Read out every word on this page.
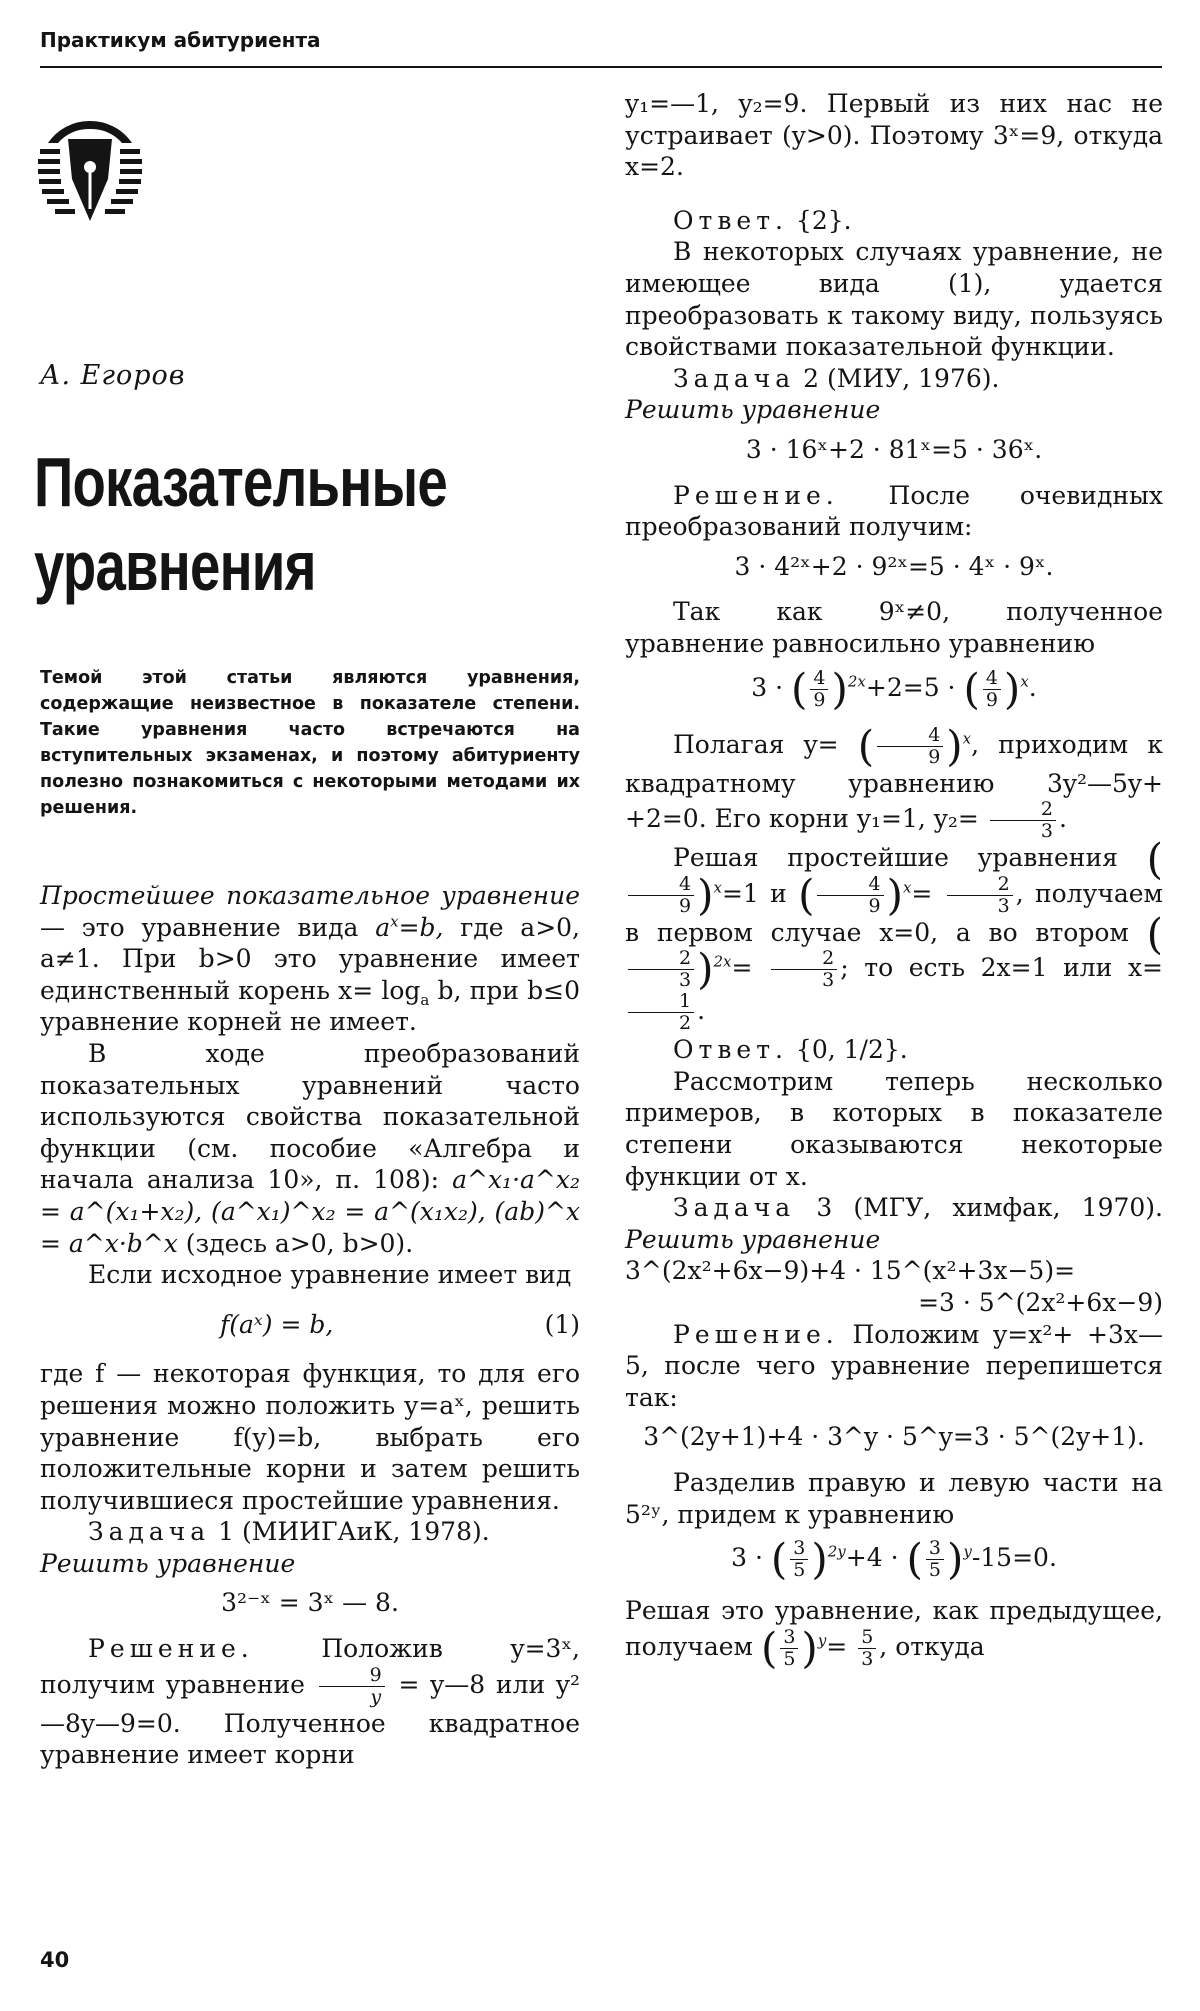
Практикум абитуриента
А. Егоров
Показательные
уравнения
Темой этой статьи являются уравнения, содержащие неизвестное в показателе степени. Такие уравнения часто встречаются на вступительных экзаменах, и поэтому абитуриенту полезно познакомиться с некоторыми методами их решения.

Простейшее показательное уравнение — это уравнение вида $a^x=b$, где a>0, a≠1. При b>0 это уравнение имеет единственный корень $x= \log_a b$, при b≤0 уравнение корней не имеет.

В ходе преобразований показательных уравнений часто используются свойства показательной функции (см. пособие «Алгебра и начала анализа 10», п. 108): a^x₁·a^x₂ = a^(x₁+x₂), (a^x₁)^x₂ = a^(x₁x₂), (ab)^x = a^x·b^x (здесь a>0, b>0).

Если исходное уравнение имеет вид

f(aˣ) = b,	(1)

где f — некоторая функция, то для его решения можно положить y=aˣ, решить уравнение f(y)=b, выбрать его положительные корни и затем решить получившиеся простейшие уравнения.

Задача 1 (МИИГАиК, 1978).

Решить уравнение

3²⁻ˣ = 3ˣ — 8.

Решение. Положив y=3ˣ, получим уравнение $\frac{9}{y}$ = y—8 или y²—8y—9=0. Полученное квадратное уравнение имеет корни

y₁=—1, y₂=9. Первый из них нас не устраивает (y>0). Поэтому 3ˣ=9, откуда x=2.

Ответ. {2}.

В некоторых случаях уравнение, не имеющее вида (1), удается преобразовать к такому виду, пользуясь свойствами показательной функции.

Задача 2 (МИУ, 1976).

Решить уравнение

3 · 16ˣ+2 · 81ˣ=5 · 36ˣ.

Решение. После очевидных преобразований получим:

3 · 4²ˣ+2 · 9²ˣ=5 · 4ˣ · 9ˣ.

Так как 9ˣ≠0, полученное уравнение равносильно уравнению

3 · ( $\frac{4}{9} )^{2x}+2=5$ · ( $\frac{4}{9} )^x$.

Полагая y= ( $\frac{4}{9} )^x$, приходим к квадратному уравнению 3y²—5y+ +2=0. Его корни y₁=1, $y_2= \frac{2}{3}$ .

Решая простейшие уравнения (
$\frac{4}{9} )^x=1$ и ( $\frac{4}{9} )^x= \frac{2}{3}$ , получаем в первом случае x=0, а во втором (
$\frac{2}{3} )^{2x}= \frac{2}{3}$ ; то есть 2x=1 или x=
$\frac{1}{2}$ .

Ответ. {0, 1/2}.

Рассмотрим теперь несколько примеров, в которых в показателе степени оказываются некоторые функции от x.

Задача 3 (МГУ, химфак, 1970). Решить уравнение

3^(2x²+6x−9)+4 · 15^(x²+3x−5)=

=3 · 5^(2x²+6x−9)

Решение. Положим y=x²+ +3x—5, после чего уравнение перепишется так:

3^(2y+1)+4 · 3^y · 5^y=3 · 5^(2y+1).

Разделив правую и левую части на 5²ʸ, придем к уравнению

3 · ( $\frac{3}{5} )^{2y}+4$ · ( $\frac{3}{5} )^y-15=0$.

Решая это уравнение, как предыдущее, получаем ( $\frac{3}{5} )^y= \frac{5}{3}$ , откуда

40
